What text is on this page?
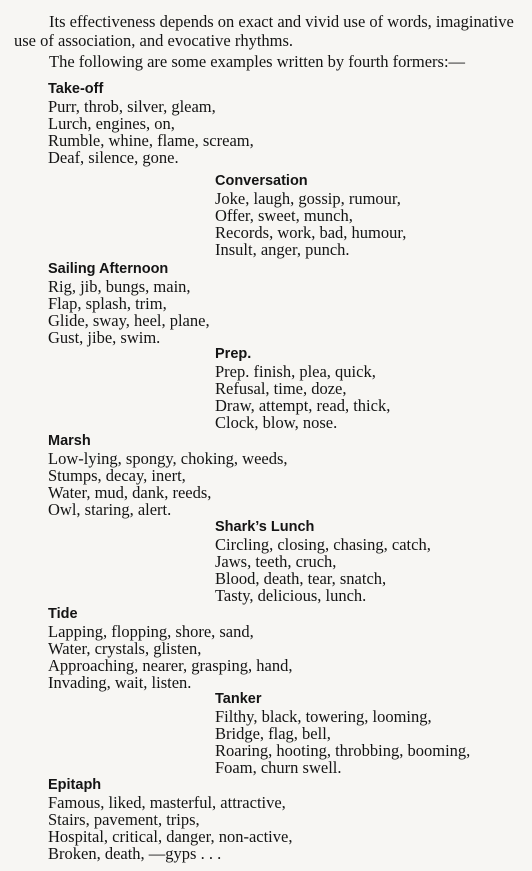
Its effectiveness depends on exact and vivid use of words, imaginative use of association, and evocative rhythms.

The following are some examples written by fourth formers:—

Take-off
Purr, throb, silver, gleam,
Lurch, engines, on,
Rumble, whine, flame, scream,
Deaf, silence, gone.
Conversation
Joke, laugh, gossip, rumour,
Offer, sweet, munch,
Records, work, bad, humour,
Insult, anger, punch.
Sailing Afternoon
Rig, jib, bungs, main,
Flap, splash, trim,
Glide, sway, heel, plane,
Gust, jibe, swim.
Prep.
Prep. finish, plea, quick,
Refusal, time, doze,
Draw, attempt, read, thick,
Clock, blow, nose.
Marsh
Low-lying, spongy, choking, weeds,
Stumps, decay, inert,
Water, mud, dank, reeds,
Owl, staring, alert.
Shark’s Lunch
Circling, closing, chasing, catch,
Jaws, teeth, cruch,
Blood, death, tear, snatch,
Tasty, delicious, lunch.
Tide
Lapping, flopping, shore, sand,
Water, crystals, glisten,
Approaching, nearer, grasping, hand,
Invading, wait, listen.
Tanker
Filthy, black, towering, looming,
Bridge, flag, bell,
Roaring, hooting, throbbing, booming,
Foam, churn swell.
Epitaph
Famous, liked, masterful, attractive,
Stairs, pavement, trips,
Hospital, critical, danger, non-active,
Broken, death, —gyps . . .
